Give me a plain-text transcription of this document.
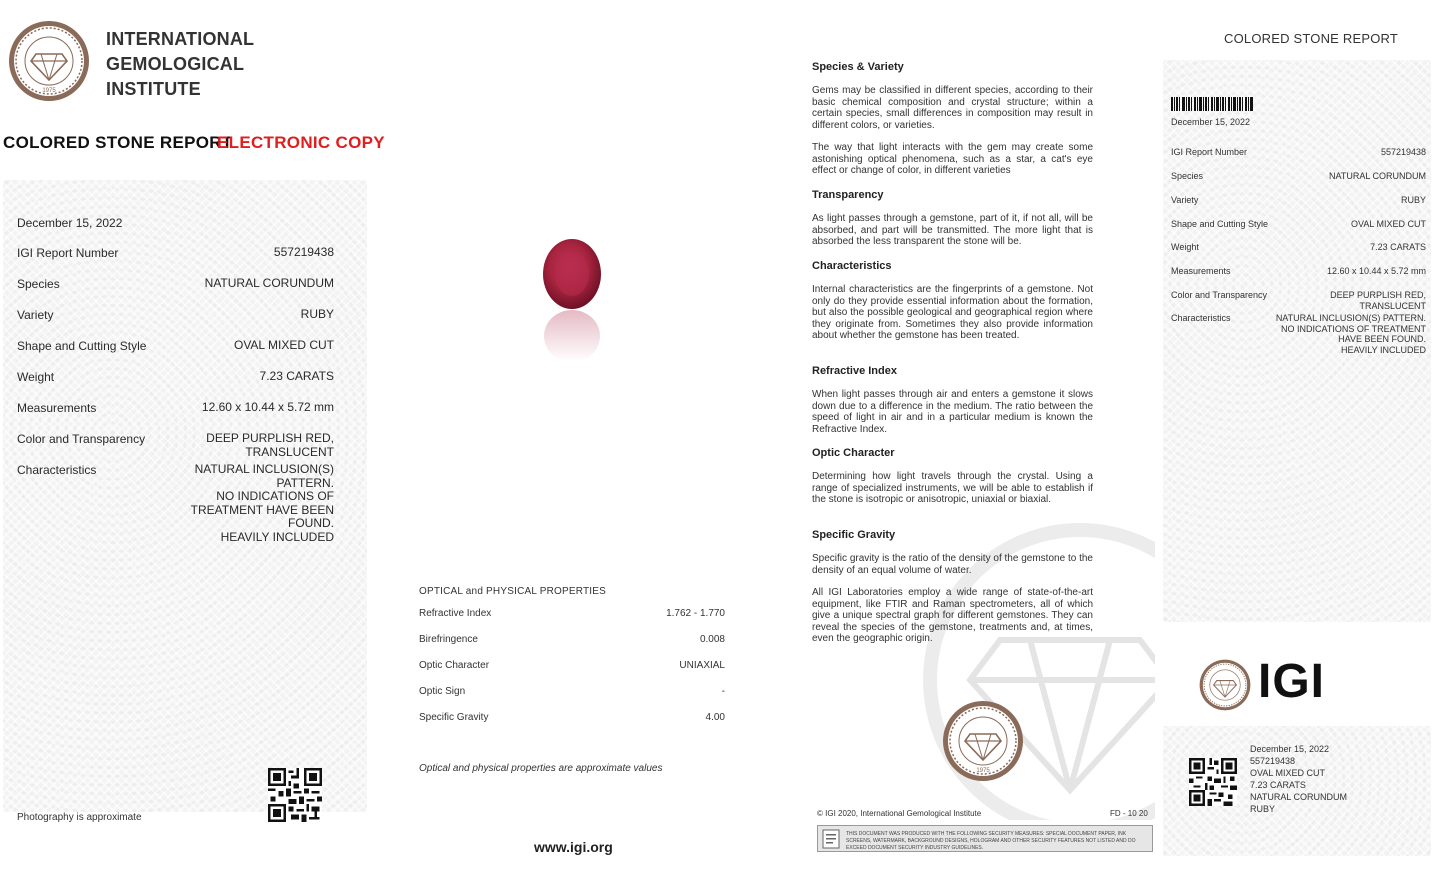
1975
INTERNATIONAL
GEMOLOGICAL
INSTITUTE
COLORED STONE REPORT
ELECTRONIC COPY
December 15, 2022
IGI Report Number	557219438
Species	NATURAL CORUNDUM
Variety	RUBY
Shape and Cutting Style	OVAL MIXED CUT
Weight	7.23 CARATS
Measurements	12.60 x 10.44 x 5.72 mm
Color and Transparency	DEEP PURPLISH RED,
TRANSLUCENT
Characteristics	NATURAL INCLUSION(S)
PATTERN.
NO INDICATIONS OF
TREATMENT HAVE BEEN
FOUND.
HEAVILY INCLUDED
Photography is approximate
OPTICAL and PHYSICAL PROPERTIES
Refractive Index	1.762 - 1.770
Birefringence	0.008
Optic Character	UNIAXIAL
Optic Sign	-
Specific Gravity	4.00
Optical and physical properties are approximate values
www.igi.org
Species & Variety

Gems may be classified in different species, according to their basic chemical composition and crystal structure; within a certain species, small differences in composition may result in different colors, or varieties.

The way that light interacts with the gem may create some astonishing optical phenomena, such as a star, a cat's eye effect or change of color, in different varieties

Transparency

As light passes through a gemstone, part of it, if not all, will be absorbed, and part will be transmitted. The more light that is absorbed the less transparent the stone will be.

Characteristics

Internal characteristics are the fingerprints of a gemstone. Not only do they provide essential information about the formation, but also the possible geological and geographical region where they originate from. Sometimes they also provide information about whether the gemstone has been treated.

Refractive Index

When light passes through air and enters a gemstone it slows down due to a difference in the medium. The ratio between the speed of light in air and in a particular medium is known the Refractive Index.

Optic Character

Determining how light travels through the crystal. Using a range of specialized instruments, we will be able to establish if the stone is isotropic or anisotropic, uniaxial or biaxial.

Specific Gravity

Specific gravity is the ratio of the density of the gemstone to the density of an equal volume of water.

All IGI Laboratories employ a wide range of state-of-the-art equipment, like FTIR and Raman spectrometers, all of which give a unique spectral graph for different gemstones. They can reveal the species of the gemstone, treatments and, at times, even the geographic origin.

1975
© IGI 2020, International Gemological Institute	FD - 10 20
THIS DOCUMENT WAS PRODUCED WITH THE FOLLOWING SECURITY MEASURES: SPECIAL DOCUMENT PAPER, INK SCREENS, WATERMARK, BACKGROUND DESIGNS, HOLOGRAM AND OTHER SECURITY FEATURES NOT LISTED AND DO EXCEED DOCUMENT SECURITY INDUSTRY GUIDELINES.
COLORED STONE REPORT
December 15, 2022
IGI Report Number	557219438
Species	NATURAL CORUNDUM
Variety	RUBY
Shape and Cutting Style	OVAL MIXED CUT
Weight	7.23 CARATS
Measurements	12.60 x 10.44 x 5.72 mm
Color and Transparency	DEEP PURPLISH RED,
TRANSLUCENT
Characteristics	NATURAL INCLUSION(S) PATTERN.
NO INDICATIONS OF TREATMENT
HAVE BEEN FOUND.
HEAVILY INCLUDED
IGI
December 15, 2022
557219438
OVAL MIXED CUT
7.23 CARATS
NATURAL CORUNDUM
RUBY
